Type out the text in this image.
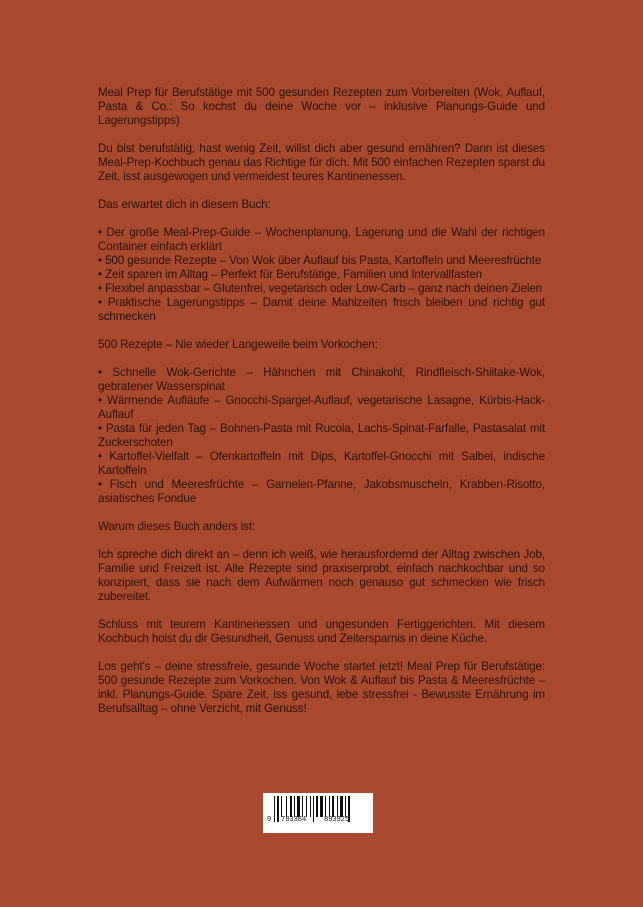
Meal Prep für Berufstätige mit 500 gesunden Rezepten zum Vorbereiten (Wok, Auflauf, Pasta & Co.: So kochst du deine Woche vor – inklusive Planungs-Guide und Lagerungstipps)

Du bist berufstätig, hast wenig Zeit, willst dich aber gesund ernähren? Dann ist dieses Meal-Prep-Kochbuch genau das Richtige für dich. Mit 500 einfachen Rezepten sparst du Zeit, isst ausgewogen und vermeidest teures Kantinenessen.

Das erwartet dich in diesem Buch:

• Der große Meal-Prep-Guide – Wochenplanung, Lagerung und die Wahl der richtigen Container einfach erklärt
• 500 gesunde Rezepte – Von Wok über Auflauf bis Pasta, Kartoffeln und Meeresfrüchte
• Zeit sparen im Alltag – Perfekt für Berufstätige, Familien und Intervallfasten
• Flexibel anpassbar – Glutenfrei, vegetarisch oder Low-Carb – ganz nach deinen Zielen
• Praktische Lagerungstipps – Damit deine Mahlzeiten frisch bleiben und richtig gut schmecken

500 Rezepte – Nie wieder Langeweile beim Vorkochen:

• Schnelle Wok-Gerichte – Hähnchen mit Chinakohl, Rindfleisch-Shiitake-Wok, gebratener Wasserspinat
• Wärmende Aufläufe – Gnocchi-Spargel-Auflauf, vegetarische Lasagne, Kürbis-Hack-Auflauf
• Pasta für jeden Tag – Bohnen-Pasta mit Rucola, Lachs-Spinat-Farfalle, Pastasalat mit Zuckerschoten
• Kartoffel-Vielfalt – Ofenkartoffeln mit Dips, Kartoffel-Gnocchi mit Salbei, indische Kartoffeln
• Fisch und Meeresfrüchte – Garnelen-Pfanne, Jakobsmuscheln, Krabben-Risotto, asiatisches Fondue

Warum dieses Buch anders ist:

Ich spreche dich direkt an – denn ich weiß, wie herausfordernd der Alltag zwischen Job, Familie und Freizeit ist. Alle Rezepte sind praxiserprobt, einfach nachkochbar und so konzipiert, dass sie nach dem Aufwärmen noch genauso gut schmecken wie frisch zubereitet.

Schluss mit teurem Kantinenessen und ungesunden Fertiggerichten. Mit diesem Kochbuch holst du dir Gesundheit, Genuss und Zeitersparnis in deine Küche.

Los geht's – deine stressfreie, gesunde Woche startet jetzt! Meal Prep für Berufstätige: 500 gesunde Rezepte zum Vorkochen. Von Wok & Auflauf bis Pasta & Meeresfrüchte – inkl. Planungs-Guide. Spare Zeit, iss gesund, lebe stressfrei - Bewusste Ernährung im Berufsalltag – ohne Verzicht, mit Genuss!

9 783384	893925
